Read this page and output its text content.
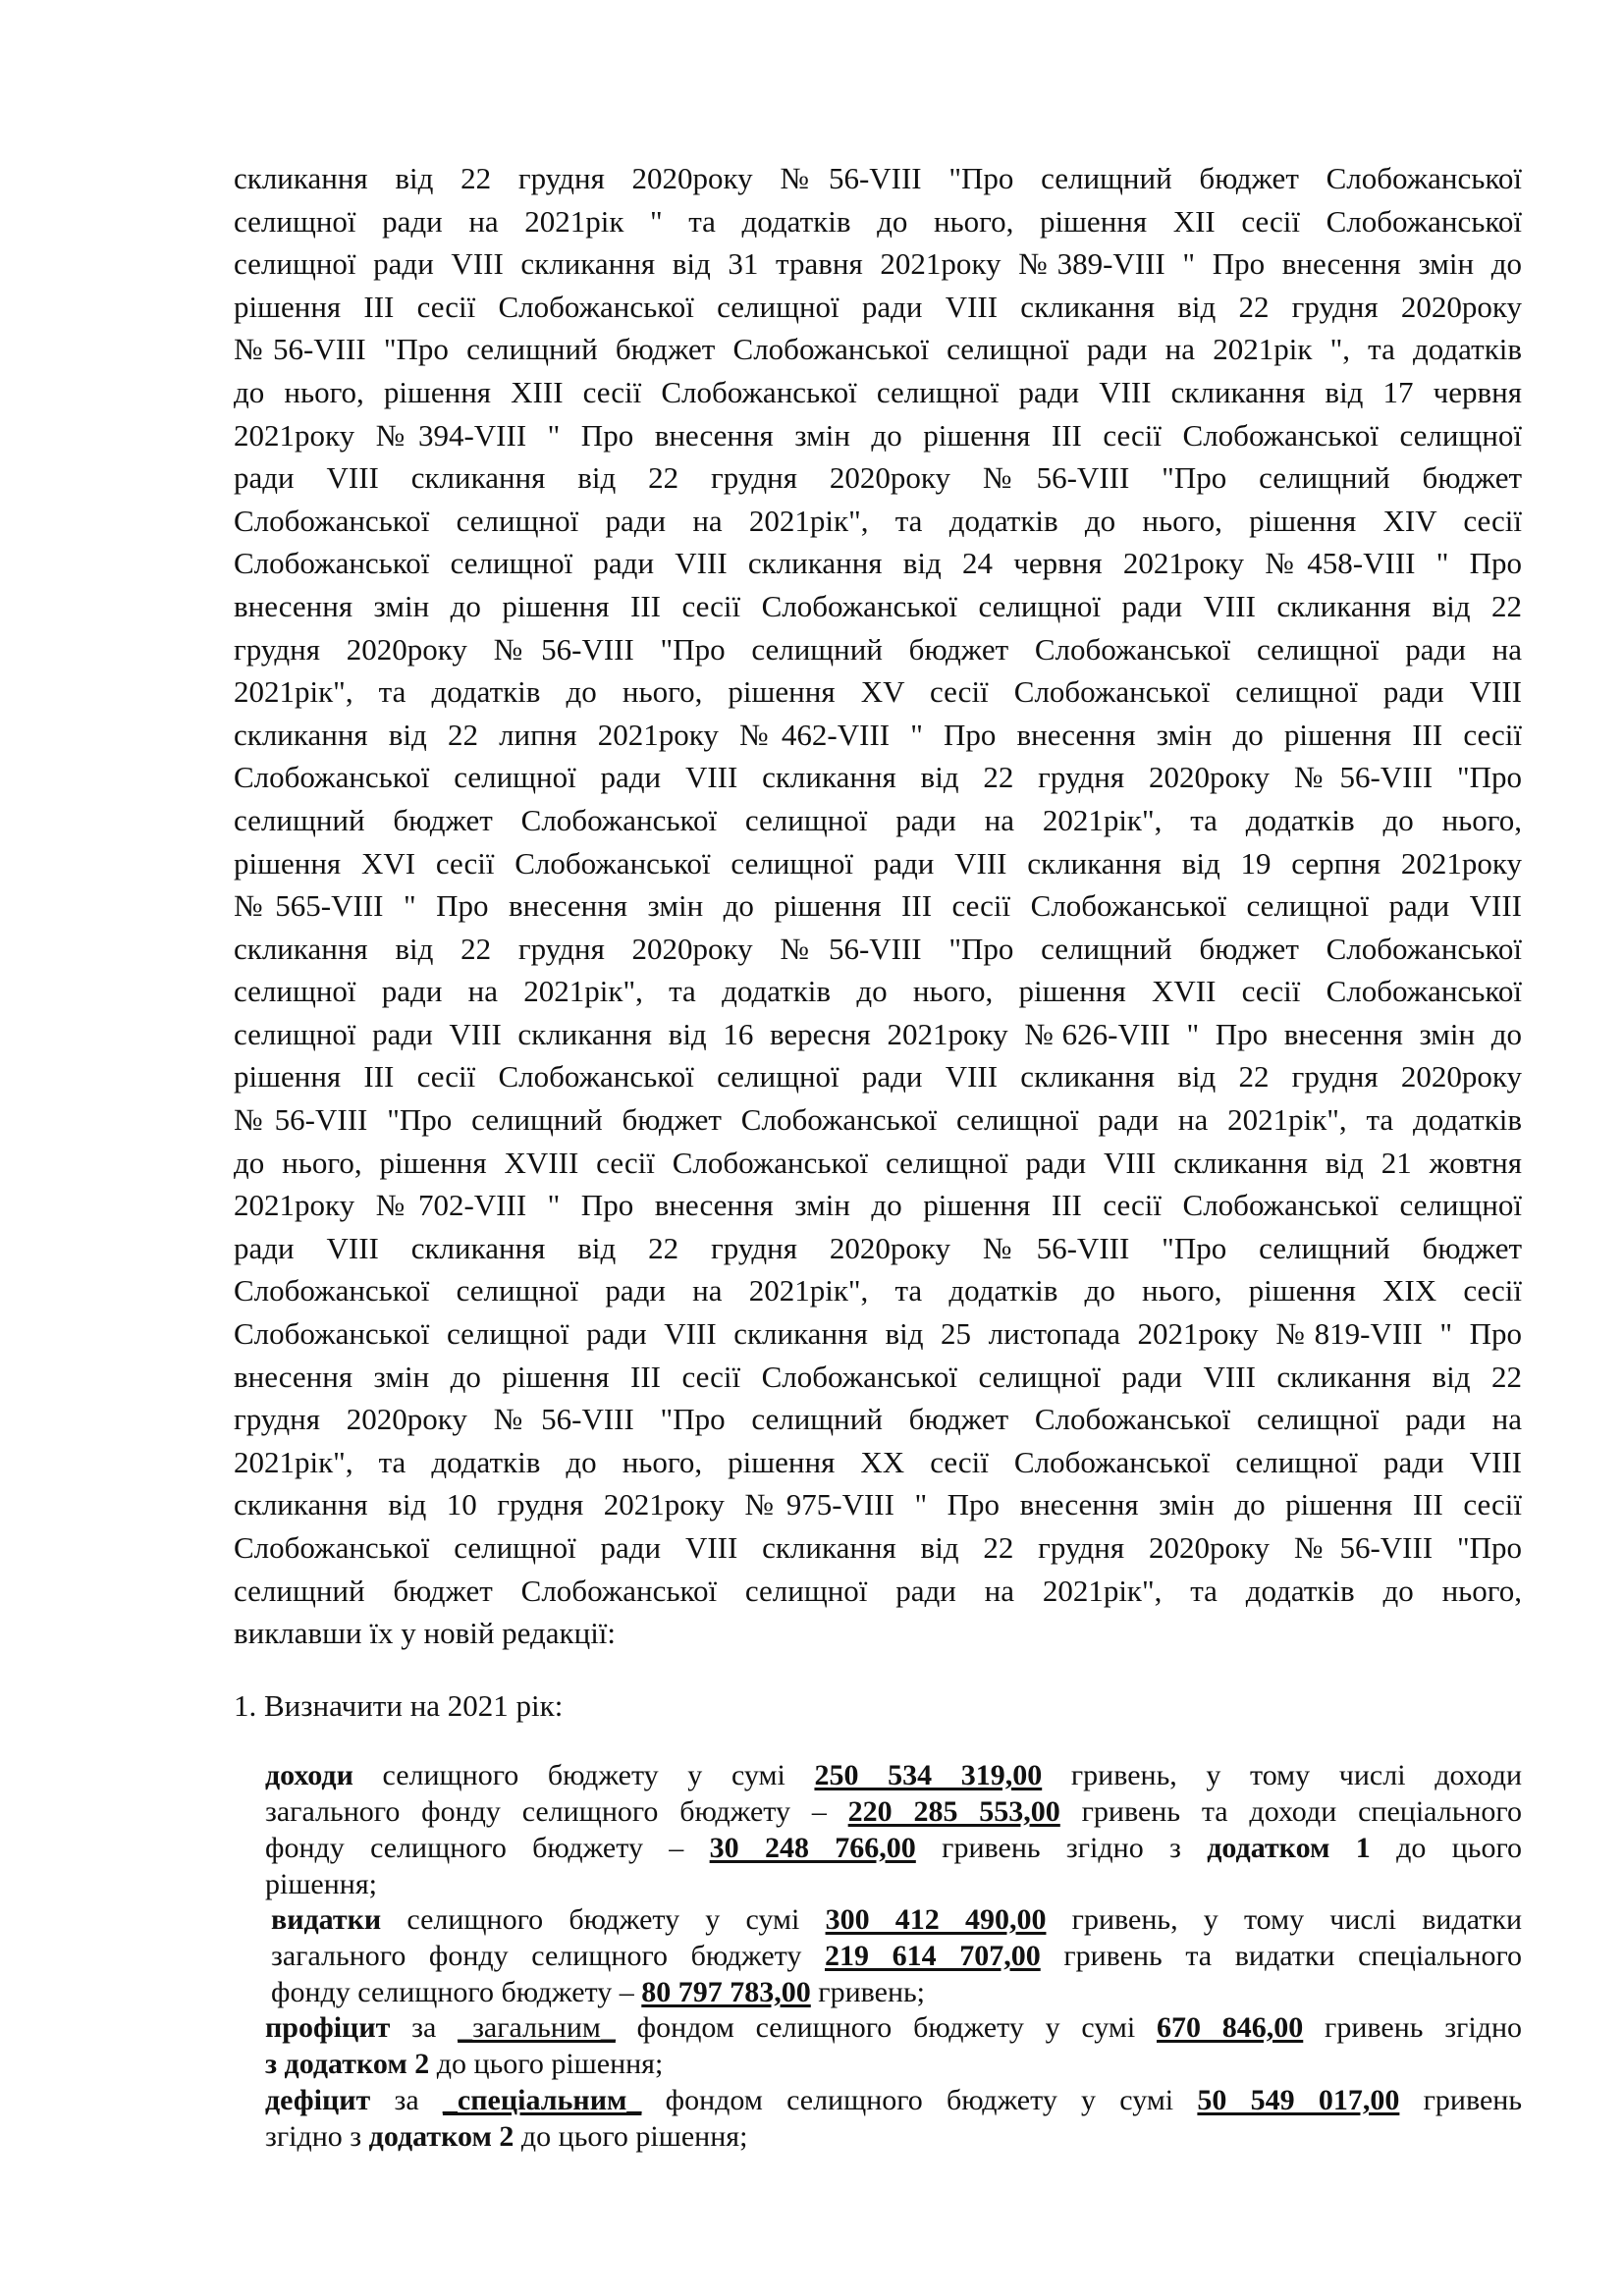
скликання від 22 грудня 2020року №56-VIII "Про селищний бюджет Слобожанської
селищної ради на 2021рік " та додатків до нього, рішення XII сесії Слобожанської
селищної ради VIII скликання від 31 травня 2021року №389-VIII " Про внесення змін до
рішення III сесії Слобожанської селищної ради VIII скликання від 22 грудня 2020року
№56-VIII "Про селищний бюджет Слобожанської селищної ради на 2021рік ", та додатків
до нього, рішення XIII сесії Слобожанської селищної ради VIII скликання від 17 червня
2021року №394-VIII " Про внесення змін до рішення III сесії Слобожанської селищної
ради VIII скликання від 22 грудня 2020року №56-VIII "Про селищний бюджет
Слобожанської селищної ради на 2021рік", та додатків до нього, рішення XIV сесії
Слобожанської селищної ради VIII скликання від 24 червня 2021року №458-VIII " Про
внесення змін до рішення III сесії Слобожанської селищної ради VIII скликання від 22
грудня 2020року №56-VIII "Про селищний бюджет Слобожанської селищної ради на
2021рік", та додатків до нього, рішення XV сесії Слобожанської селищної ради VIII
скликання від 22 липня 2021року №462-VIII " Про внесення змін до рішення III сесії
Слобожанської селищної ради VIII скликання від 22 грудня 2020року №56-VIII "Про
селищний бюджет Слобожанської селищної ради на 2021рік", та додатків до нього,
рішення XVI сесії Слобожанської селищної ради VIII скликання від 19 серпня 2021року
№565-VIII " Про внесення змін до рішення III сесії Слобожанської селищної ради VIII
скликання від 22 грудня 2020року №56-VIII "Про селищний бюджет Слобожанської
селищної ради на 2021рік", та додатків до нього, рішення XVII сесії Слобожанської
селищної ради VIII скликання від 16 вересня 2021року №626-VIII " Про внесення змін до
рішення III сесії Слобожанської селищної ради VIII скликання від 22 грудня 2020року
№56-VIII "Про селищний бюджет Слобожанської селищної ради на 2021рік", та додатків
до нього, рішення XVIII сесії Слобожанської селищної ради VIII скликання від 21 жовтня
2021року №702-VIII " Про внесення змін до рішення III сесії Слобожанської селищної
ради VIII скликання від 22 грудня 2020року №56-VIII "Про селищний бюджет
Слобожанської селищної ради на 2021рік", та додатків до нього, рішення XIX сесії
Слобожанської селищної ради VIII скликання від 25 листопада 2021року №819-VIII " Про
внесення змін до рішення III сесії Слобожанської селищної ради VIII скликання від 22
грудня 2020року №56-VIII "Про селищний бюджет Слобожанської селищної ради на
2021рік", та додатків до нього, рішення XX сесії Слобожанської селищної ради VIII
скликання від 10 грудня 2021року №975-VIII " Про внесення змін до рішення III сесії
Слобожанської селищної ради VIII скликання від 22 грудня 2020року №56-VIII "Про
селищний бюджет Слобожанської селищної ради на 2021рік", та додатків до нього,
виклавши їх у новій редакції:
1. Визначити на 2021 рік:
доходи селищного бюджету у сумі 250 534 319,00 гривень, у тому числі доходи
загального фонду селищного бюджету – 220 285 553,00 гривень та доходи спеціального
фонду селищного бюджету – 30 248 766,00 гривень згідно з додатком 1 до цього
рішення;
видатки селищного бюджету у сумі 300 412 490,00 гривень, у тому числі видатки
загального фонду селищного бюджету 219 614 707,00 гривень та видатки спеціального
фонду селищного бюджету – 80 797 783,00 гривень;
профіцит за _загальним_ фондом селищного бюджету у сумі 670 846,00 гривень згідно
з додатком 2 до цього рішення;
дефіцит за _спеціальним_ фондом селищного бюджету у сумі 50 549 017,00 гривень
згідно з додатком 2 до цього рішення;
